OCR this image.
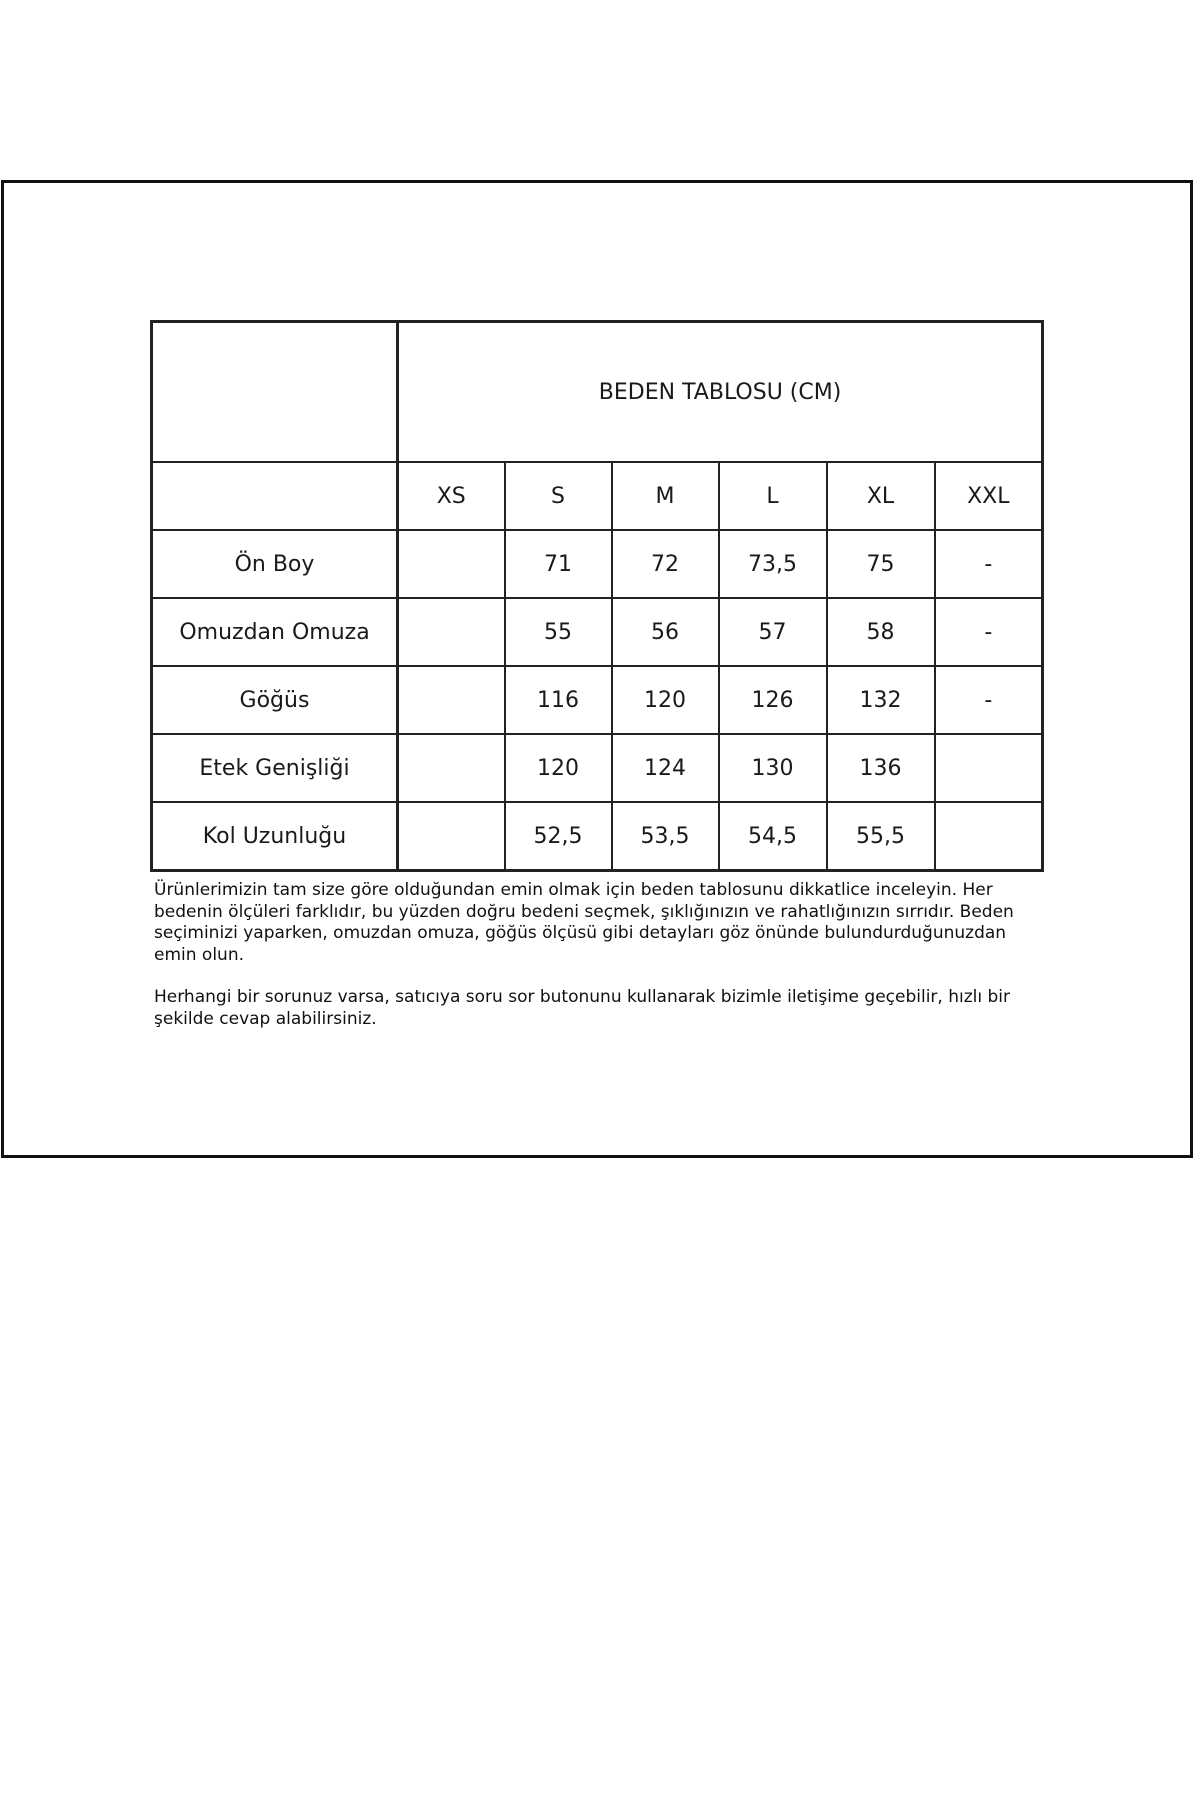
	BEDEN TABLOSU (CM)					
	XS	S	M	L	XL	XXL
Ön Boy		71	72	73,5	75	-
Omuzdan Omuza		55	56	57	58	-
Göğüs		116	120	126	132	-
Etek Genişliği		120	124	130	136	
Kol Uzunluğu		52,5	53,5	54,5	55,5	

Ürünlerimizin tam size göre olduğundan emin olmak için beden tablosunu dikkatlice inceleyin. Her bedenin ölçüleri farklıdır, bu yüzden doğru bedeni seçmek, şıklığınızın ve rahatlığınızın sırrıdır. Beden seçiminizi yaparken, omuzdan omuza, göğüs ölçüsü gibi detayları göz önünde bulundurduğunuzdan emin olun.

Herhangi bir sorunuz varsa, satıcıya soru sor butonunu kullanarak bizimle iletişime geçebilir, hızlı bir şekilde cevap alabilirsiniz.
